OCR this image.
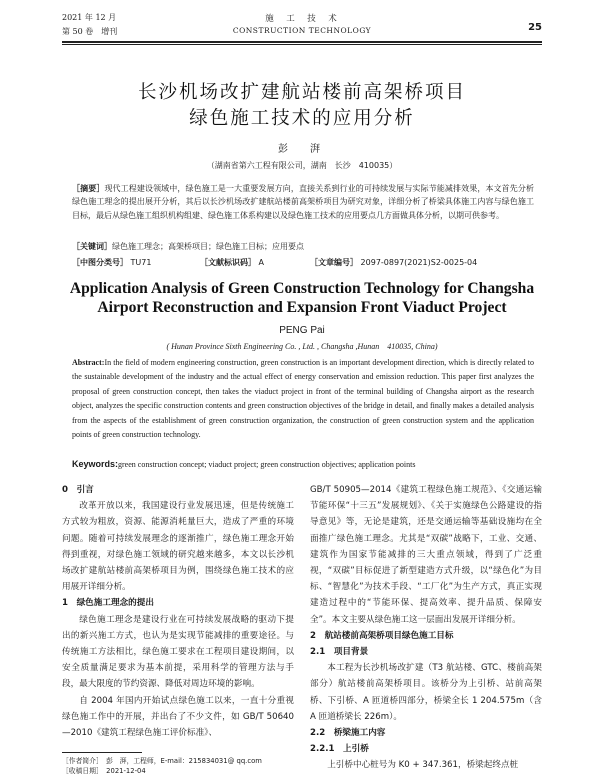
2021 年 12 月
第 50 卷　增刊
施　工　技　术
CONSTRUCTION TECHNOLOGY	25
长沙机场改扩建航站楼前高架桥项目
绿色施工技术的应用分析
彭　湃
（湖南省第六工程有限公司，湖南　长沙　410035）
［摘要］现代工程建设领域中，绿色施工是一大重要发展方向，直接关系到行业的可持续发展与实际节能减排效果，本文首先分析绿色施工理念的提出展开分析，其后以长沙机场改扩建航站楼前高架桥项目为研究对象，详细分析了桥梁具体施工内容与绿色施工目标，最后从绿色施工组织机构组建、绿色施工体系构建以及绿色施工技术的应用要点几方面做具体分析，以期可供参考。
［关键词］绿色施工理念；高架桥项目；绿色施工目标；应用要点
［中图分类号］ TU71	［文献标识码］ A	［文章编号］ 2097-0897(2021)S2-0025-04
Application Analysis of Green Construction Technology for Changsha
Airport Reconstruction and Expansion Front Viaduct Project
PENG Pai
( Hunan Province Sixth Engineering Co. , Ltd. , Changsha ,Hunan　410035, China)
Abstract:In the field of modern engineering construction, green construction is an important development direction, which is directly related to the sustainable development of the industry and the actual effect of energy conservation and emission reduction. This paper first analyzes the proposal of green construction concept, then takes the viaduct project in front of the terminal building of Changsha airport as the research object, analyzes the specific construction contents and green construction objectives of the bridge in detail, and finally makes a detailed analysis from the aspects of the establishment of green construction organization, the construction of green construction system and the application points of green construction technology.
Keywords:green construction concept; viaduct project; green construction objectives; application points
0　引言

改革开放以来，我国建设行业发展迅速，但是传统施工方式较为粗放，资源、能源消耗量巨大，造成了严重的环境问题。随着可持续发展理念的逐渐推广，绿色施工理念开始得到重视，对绿色施工领域的研究越来越多，本文以长沙机场改扩建航站楼前高架桥项目为例，围绕绿色施工技术的应用展开详细分析。

1　绿色施工理念的提出

绿色施工理念是建设行业在可持续发展战略的驱动下提出的新兴施工方式，也认为是实现节能减排的重要途径。与传统施工方法相比，绿色施工要求在工程项目建设期间，以安全质量满足要求为基本前提，采用科学的管理方法与手段，最大限度的节约资源、降低对周边环境的影响。

自 2004 年国内开始试点绿色施工以来，一直十分重视绿色施工作中的开展，并出台了不少文件，如 GB/T 50640—2010《建筑工程绿色施工评价标准》、

GB/T 50905—2014《建筑工程绿色施工规范》、《交通运输节能环保“十三五”发展规划》、《关于实施绿色公路建设的指导意见》等，无论是建筑，还是交通运输等基础设施均在全面推广绿色施工理念。尤其是“双碳”战略下，工业、交通、建筑作为国家节能减排的三大重点领域，得到了广泛重视，“双碳”目标促进了新型建造方式升级，以“绿色化”为目标、“智慧化”为技术手段、“工厂化”为生产方式，真正实现建造过程中的“节能环保、提高效率、提升品质、保障安全”。本文主要从绿色施工这一层面出发展开详细分析。

2　航站楼前高架桥项目绿色施工目标
2.1　项目背景

本工程为长沙机场改扩建（T3 航站楼、GTC、楼前高架部分）航站楼前高架桥项目。该桥分为上引桥、站前高架桥、下引桥、A 匝道桥四部分，桥梁全长 1 204.575m（含 A 匝道桥梁长 226m）。

2.2　桥梁施工内容
2.2.1　上引桥

上引桥中心桩号为 K0 + 347.361，桥梁起终点桩

［作者简介］　彭　湃，工程师，E-mail：215834031@ qq.com
［收稿日期］　2021-12-04
